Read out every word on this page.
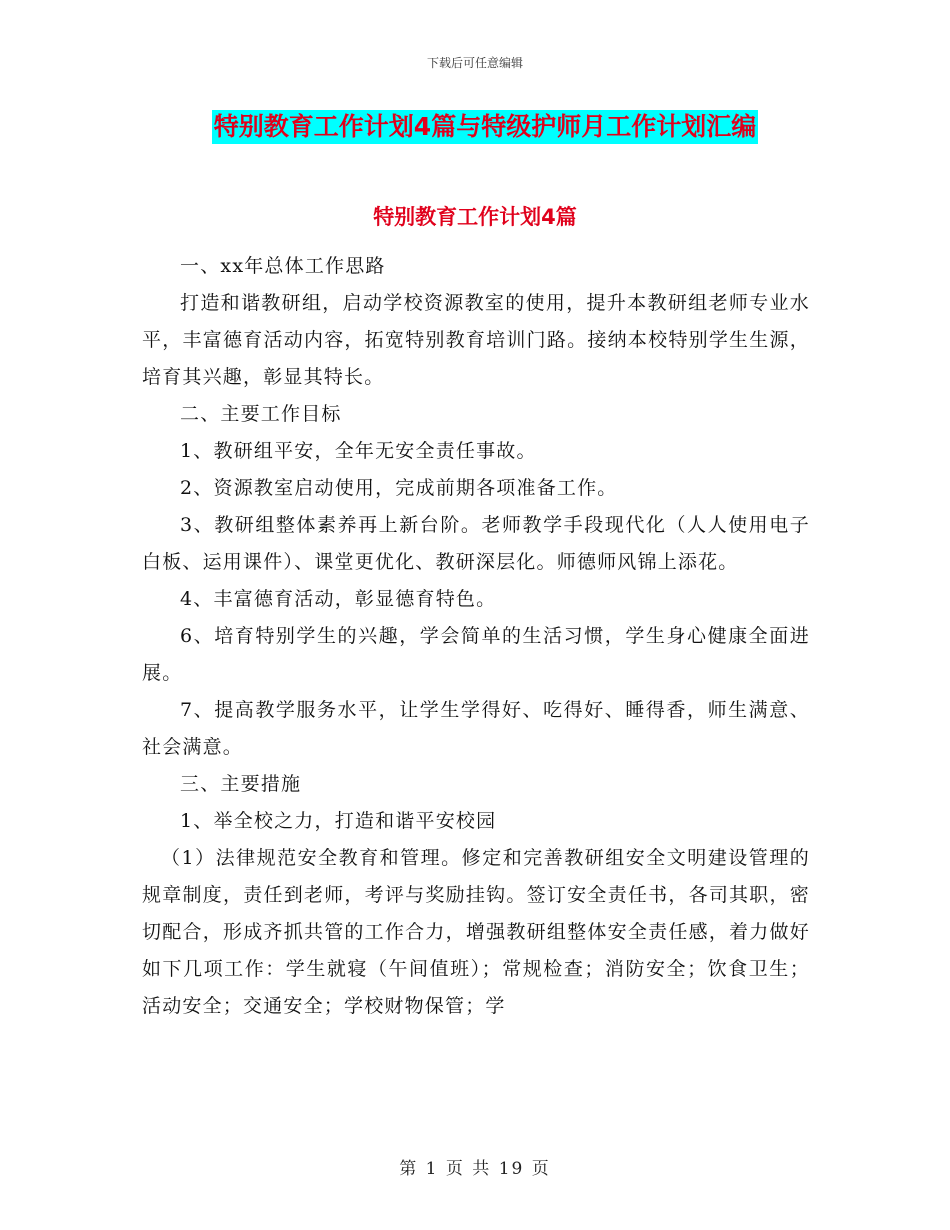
下载后可任意编辑
特别教育工作计划4篇与特级护师月工作计划汇编
特别教育工作计划4篇

一、xx年总体工作思路

打造和谐教研组，启动学校资源教室的使用，提升本教研组老师专业水平，丰富德育活动内容，拓宽特别教育培训门路。接纳本校特别学生生源，培育其兴趣，彰显其特长。

二、主要工作目标

1、教研组平安，全年无安全责任事故。

2、资源教室启动使用，完成前期各项准备工作。

3、教研组整体素养再上新台阶。老师教学手段现代化（人人使用电子白板、运用课件）、课堂更优化、教研深层化。师德师风锦上添花。

4、丰富德育活动，彰显德育特色。

6、培育特别学生的兴趣，学会简单的生活习惯，学生身心健康全面进展。

7、提高教学服务水平，让学生学得好、吃得好、睡得香，师生满意、社会满意。

三、主要措施

1、举全校之力，打造和谐平安校园

（1）法律规范安全教育和管理。修定和完善教研组安全文明建设管理的规章制度，责任到老师，考评与奖励挂钩。签订安全责任书，各司其职，密切配合，形成齐抓共管的工作合力，增强教研组整体安全责任感，着力做好如下几项工作：学生就寝（午间值班）；常规检查；消防安全；饮食卫生；活动安全；交通安全；学校财物保管；学

第 1 页 共 19 页
